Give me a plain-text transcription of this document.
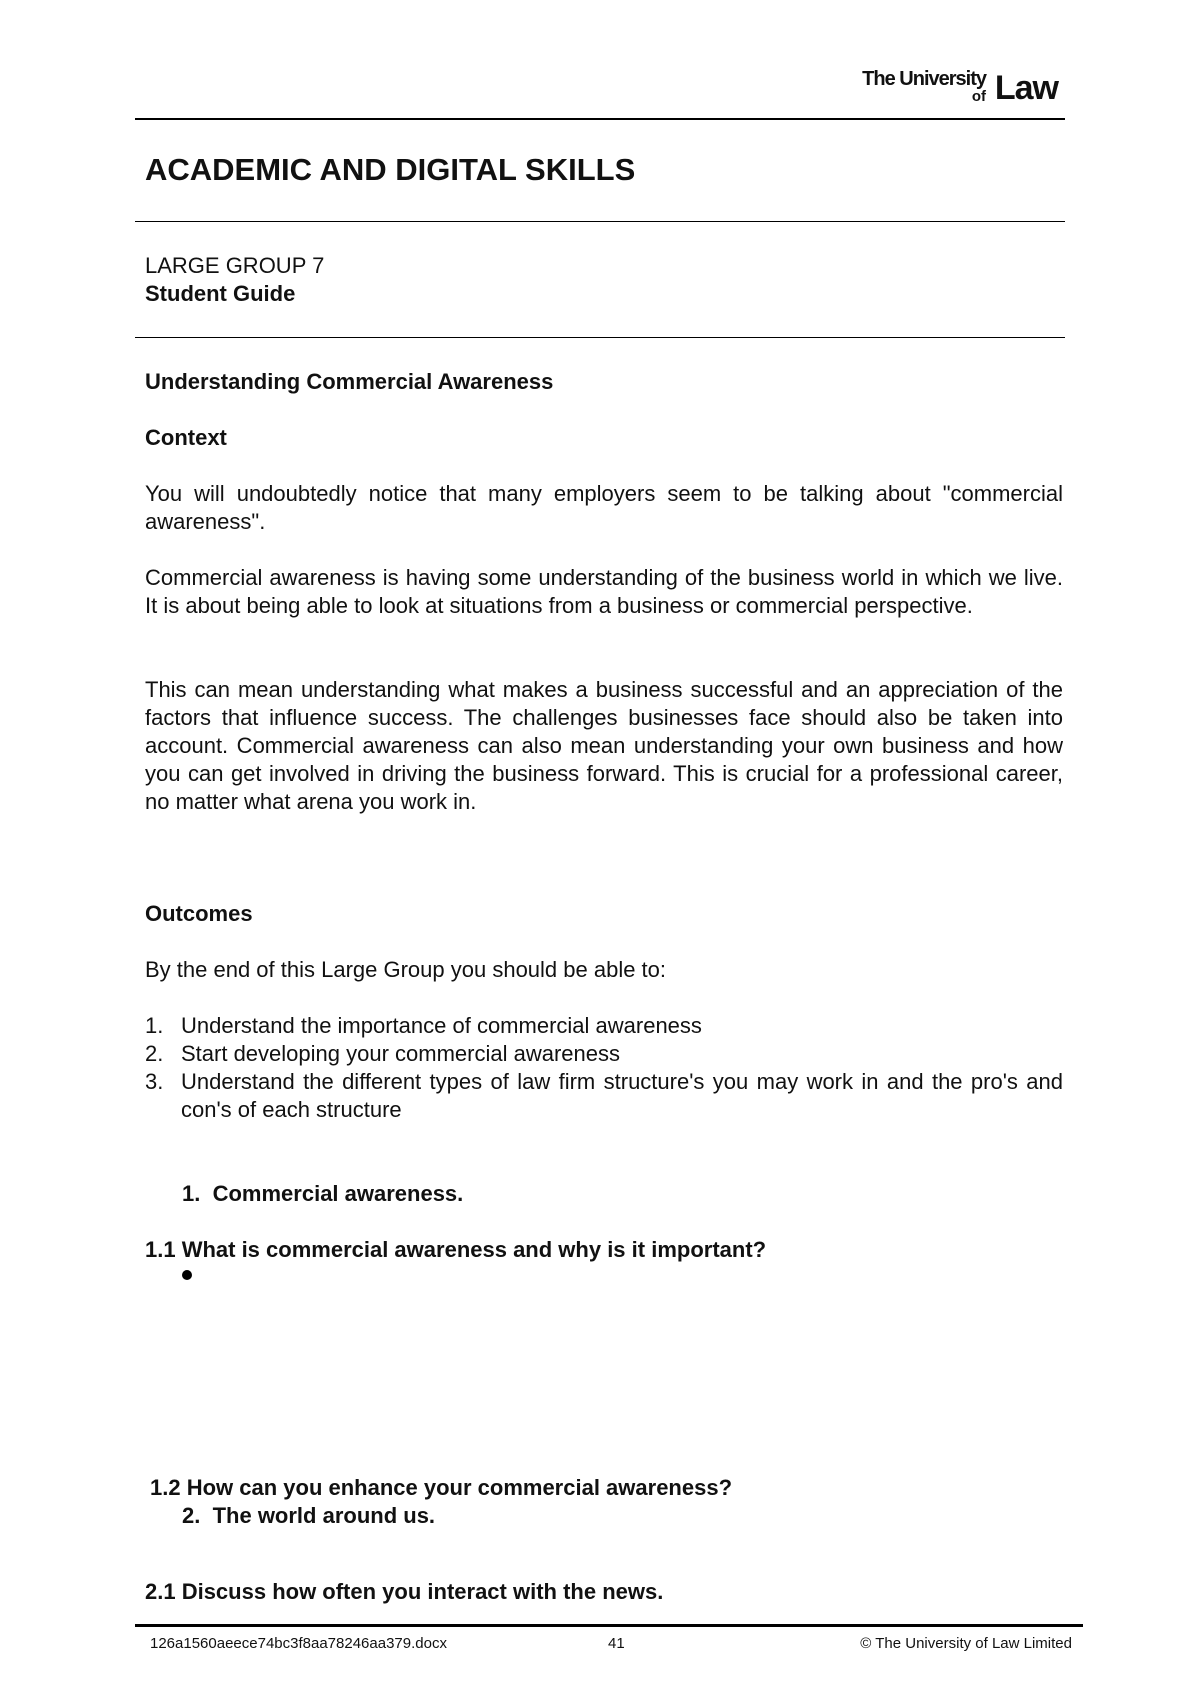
The University
of Law
ACADEMIC AND DIGITAL SKILLS
LARGE GROUP 7
Student Guide
Understanding Commercial Awareness
Context
You will undoubtedly notice that many employers seem to be talking about "commercial awareness".
Commercial awareness is having some understanding of the business world in which we live. It is about being able to look at situations from a business or commercial perspective.
This can mean understanding what makes a business successful and an appreciation of the factors that influence success. The challenges businesses face should also be taken into account. Commercial awareness can also mean understanding your own business and how you can get involved in driving the business forward. This is crucial for a professional career, no matter what arena you work in.
Outcomes
By the end of this Large Group you should be able to:
1. Understand the importance of commercial awareness
2. Start developing your commercial awareness
3. Understand the different types of law firm structure's you may work in and the pro's and con's of each structure
1. Commercial awareness.
1.1 What is commercial awareness and why is it important?
1.2 How can you enhance your commercial awareness?
2. The world around us.
2.1 Discuss how often you interact with the news.
126a1560aeece74bc3f8aa78246aa379.docx	41	© The University of Law Limited
